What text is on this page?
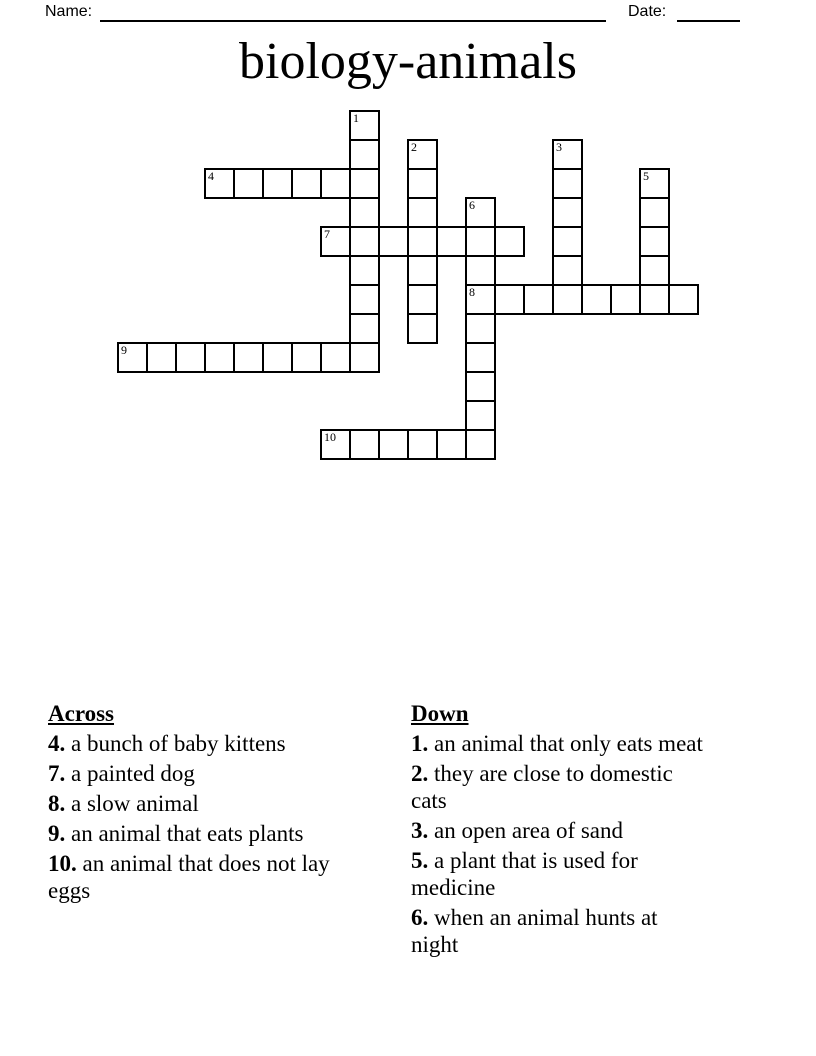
Name:	Date:
biology-animals
1
2	3
4	5
6
8
7
9
10

Across

4. a bunch of baby kittens

7. a painted dog

8. a slow animal

9. an animal that eats plants

10. an animal that does not lay eggs

Down

1. an animal that only eats meat

2. they are close to domestic cats

3. an open area of sand

5. a plant that is used for medicine

6. when an animal hunts at night
